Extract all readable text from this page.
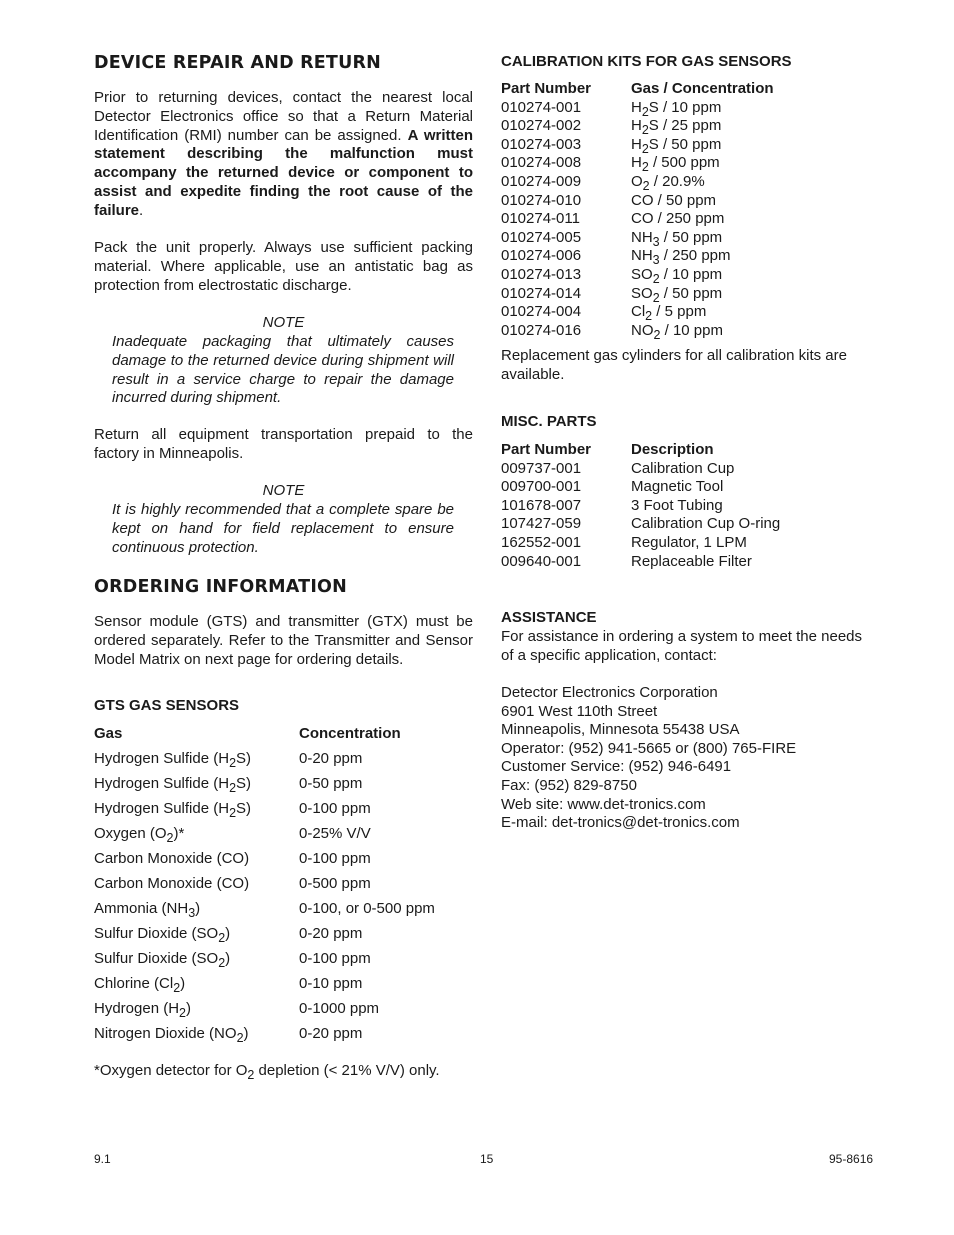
DEVICE REPAIR AND RETURN
Prior to returning devices, contact the nearest local Detector Electronics office so that a Return Material Identification (RMI) number can be assigned. A written statement describing the malfunction must accompany the returned device or component to assist and expedite finding the root cause of the failure.
Pack the unit properly. Always use sufficient packing material. Where applicable, use an antistatic bag as protection from electrostatic discharge.
NOTE
Inadequate packaging that ultimately causes damage to the returned device during shipment will result in a service charge to repair the damage incurred during shipment.
Return all equipment transportation prepaid to the factory in Minneapolis.
NOTE
It is highly recommended that a complete spare be kept on hand for field replacement to ensure continuous protection.
ORDERING INFORMATION
Sensor module (GTS) and transmitter (GTX) must be ordered separately. Refer to the Transmitter and Sensor Model Matrix on next page for ordering details.
GTS GAS SENSORS
Gas	Concentration
Hydrogen Sulfide $(H_2S)$	0-20 ppm
Hydrogen Sulfide $(H_2S)$	0-50 ppm
Hydrogen Sulfide $(H_2S)$	0-100 ppm
Oxygen $(O_2)*$	0-25% V/V
Carbon Monoxide (CO)	0-100 ppm
Carbon Monoxide (CO)	0-500 ppm
Ammonia $(NH_3)$	0-100, or 0-500 ppm
Sulfur Dioxide $(SO_2)$	0-20 ppm
Sulfur Dioxide $(SO_2)$	0-100 ppm
Chlorine $(Cl_2)$	0-10 ppm
Hydrogen $(H_2)$	0-1000 ppm
Nitrogen Dioxide $(NO_2)$	0-20 ppm
*Oxygen detector for $O_2$ depletion (< 21% V/V) only.
CALIBRATION KITS FOR GAS SENSORS
Part Number	Gas / Concentration
010274-001	$H_2S / 10$ ppm
010274-002	$H_2S / 25$ ppm
010274-003	$H_2S / 50$ ppm
010274-008	$H_2 / 500$ ppm
010274-009	$O_2 / 20.9\%$
010274-010	CO / 50 ppm
010274-011	CO / 250 ppm
010274-005	$NH_3 / 50$ ppm
010274-006	$NH_3 / 250$ ppm
010274-013	$SO_2 / 10$ ppm
010274-014	$SO_2 / 50$ ppm
010274-004	$Cl_2 / 5$ ppm
010274-016	$NO_2 / 10$ ppm
Replacement gas cylinders for all calibration kits are available.
MISC. PARTS
Part Number	Description
009737-001	Calibration Cup
009700-001	Magnetic Tool
101678-007	3 Foot Tubing
107427-059	Calibration Cup O-ring
162552-001	Regulator, 1 LPM
009640-001	Replaceable Filter
ASSISTANCE
For assistance in ordering a system to meet the needs
of a specific application, contact:
Detector Electronics Corporation
6901 West 110th Street
Minneapolis, Minnesota 55438 USA
Operator: (952) 941-5665 or (800) 765-FIRE
Customer Service: (952) 946-6491
Fax: (952) 829-8750
Web site: www.det-tronics.com
E-mail: det-tronics@det-tronics.com
9.1	15	95-8616
